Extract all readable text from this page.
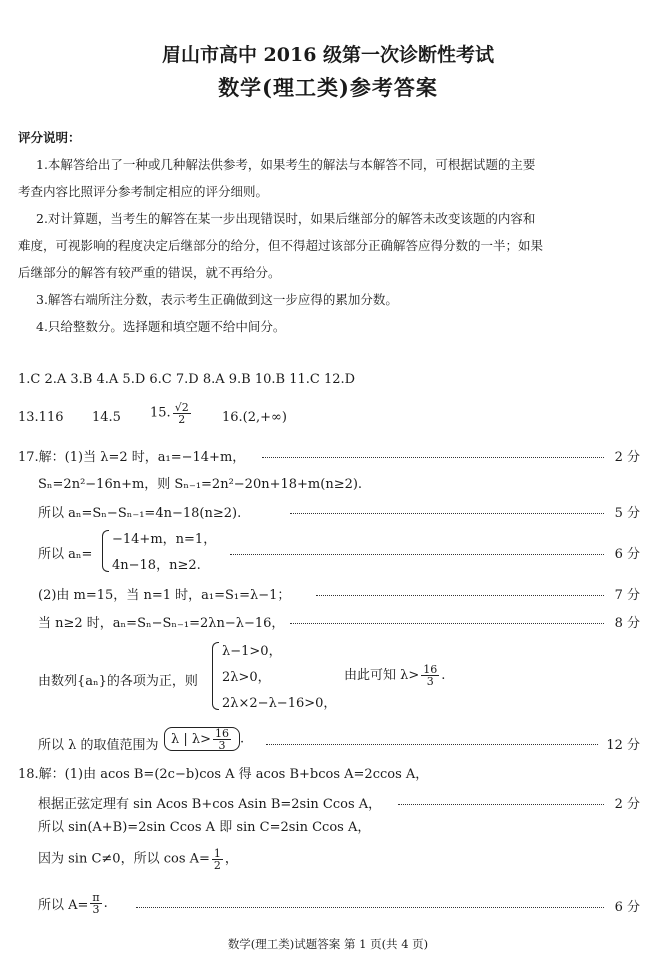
眉山市高中 2016 级第一次诊断性考试
数学(理工类)参考答案
评分说明：
1.本解答给出了一种或几种解法供参考，如果考生的解法与本解答不同，可根据试题的主要
考查内容比照评分参考制定相应的评分细则。
2.对计算题，当考生的解答在某一步出现错误时，如果后继部分的解答未改变该题的内容和
难度，可视影响的程度决定后继部分的给分，但不得超过该部分正确解答应得分数的一半；如果
后继部分的解答有较严重的错误，就不再给分。
3.解答右端所注分数，表示考生正确做到这一步应得的累加分数。
4.只给整数分。选择题和填空题不给中间分。
1.C 2.A 3.B 4.A 5.D 6.C 7.D 8.A 9.B 10.B 11.C 12.D
13.116 14.5 15. $\frac{√2}{2} 16.(2,+\infty)$
17.解：(1)当 λ=2 时，a₁=−14+m，	2 分
Sₙ=2n²−16n+m，则 Sₙ₋₁=2n²−20n+18+m(n≥2).
所以 aₙ=Sₙ−Sₙ₋₁=4n−18(n≥2).	5 分
所以 aₙ=
−14+m，n=1，
4n−18，n≥2.
6 分
(2)由 m=15，当 n=1 时，a₁=S₁=λ−1；	7 分
当 n≥2 时，aₙ=Sₙ−Sₙ₋₁=2λn−λ−16，	8 分
由数列{aₙ}的各项为正，则
λ−1>0，
2λ>0，
2λ×2−λ−16>0，
由此可知 $\lambda> \frac{16}{3}$ .
所以 λ 的取值范围为 λ | $\lambda> \frac{16}{3}$ .	12 分
18.解：(1)由 acos B=(2c−b)cos A 得 acos B+bcos A=2ccos A，
根据正弦定理有 sin Acos B+cos Asin B=2sin Ccos A，	2 分
所以 sin(A+B)=2sin Ccos A 即 sin C=2sin Ccos A，
因为 sin C≠0，所以 $\cos A= \frac{1}{2}$ ，
所以 $A= \frac{\pi}{3}$ .	6 分
数学(理工类)试题答案 第 1 页(共 4 页)
